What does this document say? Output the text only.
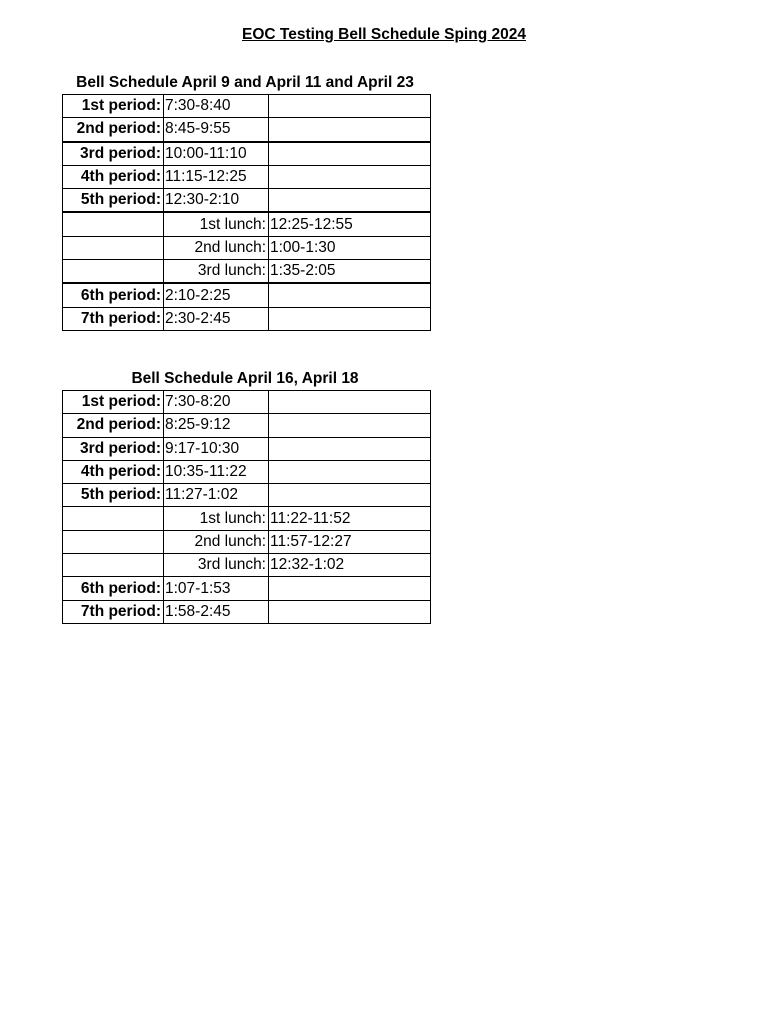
EOC Testing Bell Schedule Sping 2024
Bell Schedule April 9 and April 11 and April 23
1st period:	7:30-8:40	
2nd period:	8:45-9:55	
3rd period:	10:00-11:10	
4th period:	11:15-12:25	
5th period:	12:30-2:10	
	1st lunch:	12:25-12:55
	2nd lunch:	1:00-1:30
	3rd lunch:	1:35-2:05
6th period:	2:10-2:25	
7th period:	2:30-2:45	
Bell Schedule April 16, April 18
1st period:	7:30-8:20	
2nd period:	8:25-9:12	
3rd period:	9:17-10:30	
4th period:	10:35-11:22	
5th period:	11:27-1:02	
	1st lunch:	11:22-11:52
	2nd lunch:	11:57-12:27
	3rd lunch:	12:32-1:02
6th period:	1:07-1:53	
7th period:	1:58-2:45	
